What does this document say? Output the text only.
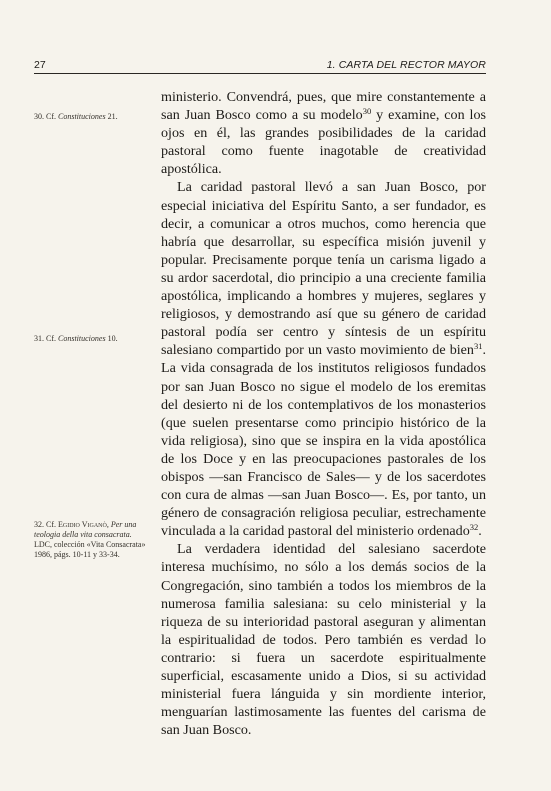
27	1. CARTA DEL RECTOR MAYOR
30. Cf. Constituciones 21.
31. Cf. Constituciones 10.
32. Cf. Egidio Viganò, Per una teologia della vita consacrata. LDC, colección «Vita Consacrata» 1986, págs. 10-11 y 33-34.

ministerio. Convendrá, pues, que mire constantemente a san Juan Bosco como a su modelo$^{30}$ y examine, con los ojos en él, las grandes posibilidades de la caridad pastoral como fuente inagotable de creatividad apostólica.

La caridad pastoral llevó a san Juan Bosco, por especial iniciativa del Espíritu Santo, a ser fundador, es decir, a comunicar a otros muchos, como herencia que habría que desarrollar, su específica misión juvenil y popular. Precisamente porque tenía un carisma ligado a su ardor sacerdotal, dio principio a una creciente familia apostólica, implicando a hombres y mujeres, seglares y religiosos, y demostrando así que su género de caridad pastoral podía ser centro y síntesis de un espíritu salesiano compartido por un vasto movimiento de bien$^{31}$. La vida consagrada de los institutos religiosos fundados por san Juan Bosco no sigue el modelo de los eremitas del desierto ni de los contemplativos de los monasterios (que suelen presentarse como principio histórico de la vida religiosa), sino que se inspira en la vida apostólica de los Doce y en las preocupaciones pastorales de los obispos —san Francisco de Sales— y de los sacerdotes con cura de almas —san Juan Bosco—. Es, por tanto, un género de consagración religiosa peculiar, estrechamente vinculada a la caridad pastoral del ministerio ordenado$^{32}$.

La verdadera identidad del salesiano sacerdote interesa muchísimo, no sólo a los demás socios de la Congregación, sino también a todos los miembros de la numerosa familia salesiana: su celo ministerial y la riqueza de su interioridad pastoral aseguran y alimentan la espiritualidad de todos. Pero también es verdad lo contrario: si fuera un sacerdote espiritualmente superficial, escasamente unido a Dios, si su actividad ministerial fuera lánguida y sin mordiente interior, menguarían lastimosamente las fuentes del carisma de san Juan Bosco.
